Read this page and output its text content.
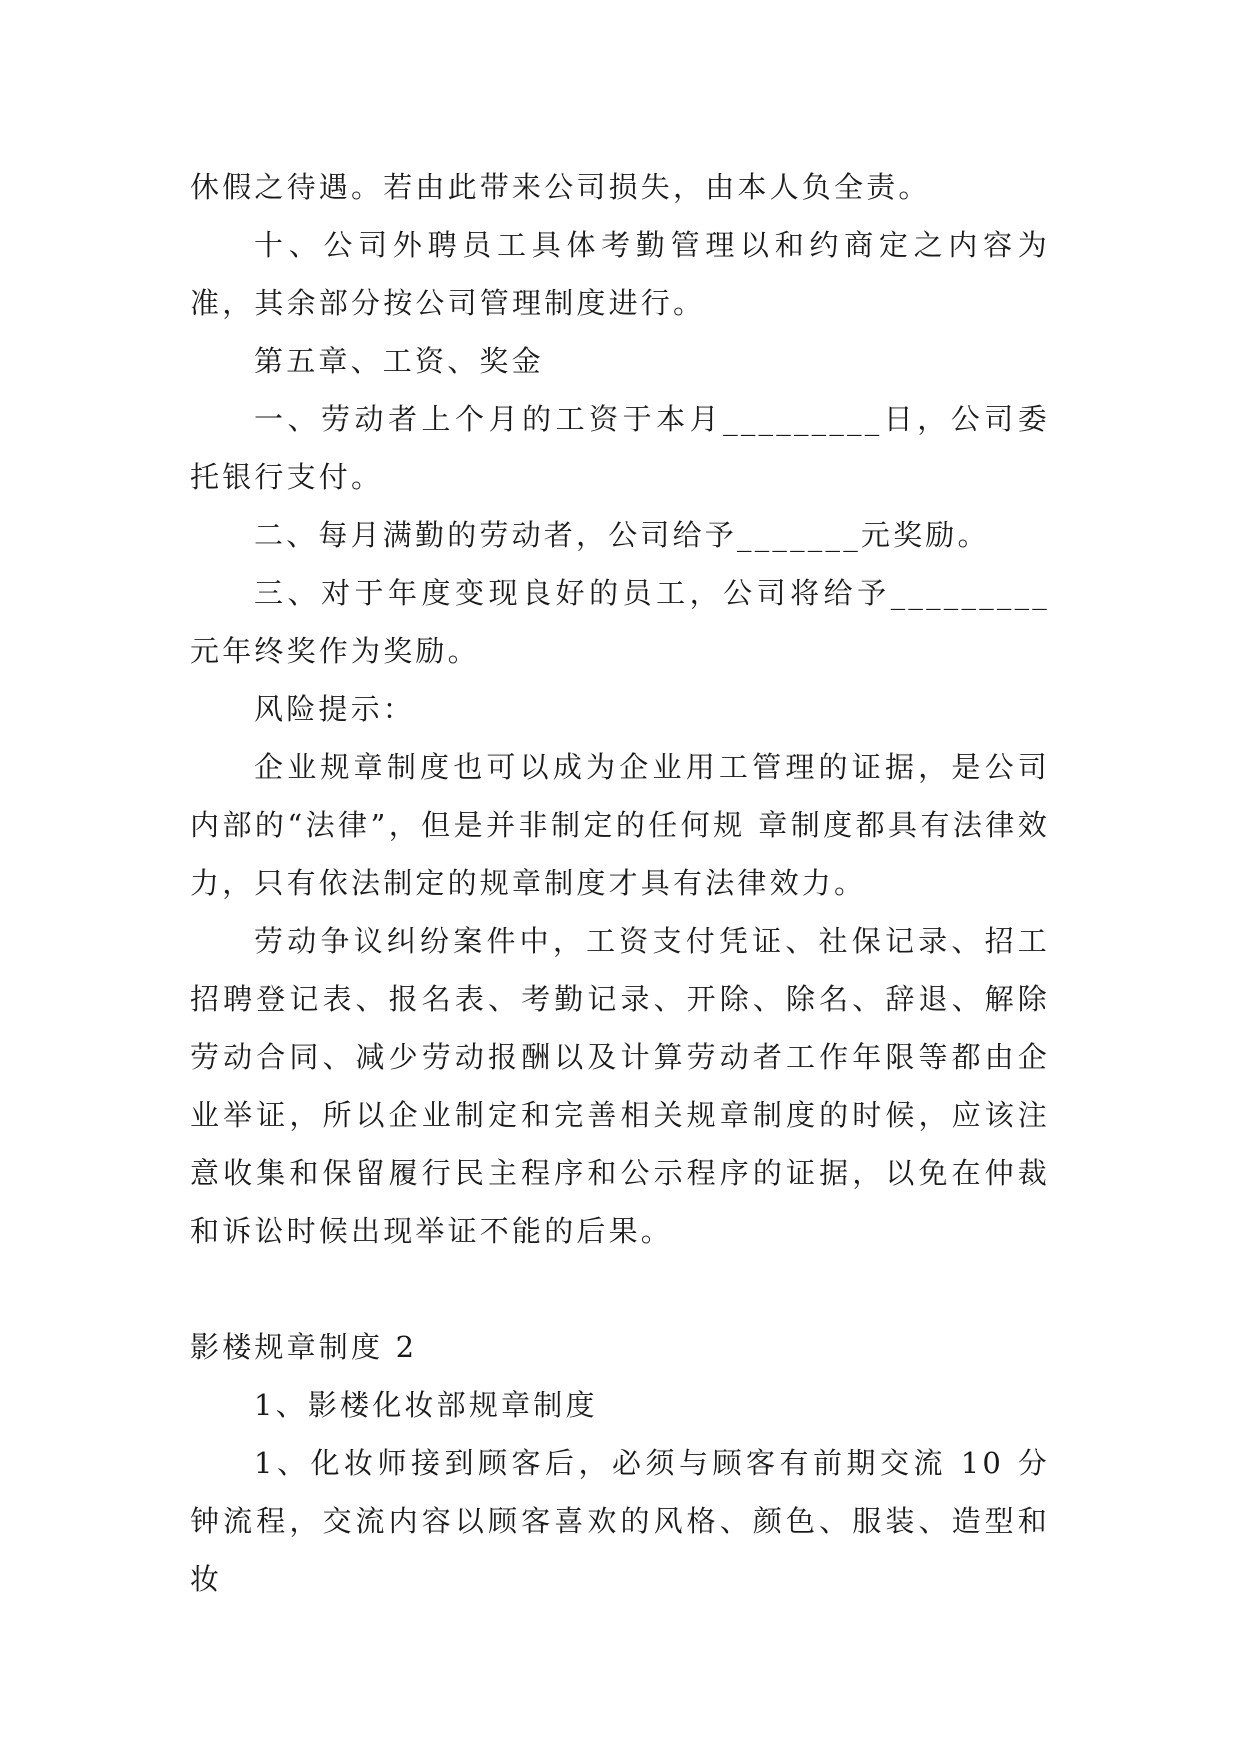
休假之待遇。若由此带来公司损失，由本人负全责。

十、公司外聘员工具体考勤管理以和约商定之内容为准，其余部分按公司管理制度进行。

第五章、工资、奖金

一、劳动者上个月的工资于本月_________日，公司委托银行支付。

二、每月满勤的劳动者，公司给予_______元奖励。

三、对于年度变现良好的员工，公司将给予_________元年终奖作为奖励。

风险提示：

企业规章制度也可以成为企业用工管理的证据，是公司内部的“法律”，但是并非制定的任何规 章制度都具有法律效力，只有依法制定的规章制度才具有法律效力。

劳动争议纠纷案件中，工资支付凭证、社保记录、招工招聘登记表、报名表、考勤记录、开除、除名、辞退、解除劳动合同、减少劳动报酬以及计算劳动者工作年限等都由企业举证，所以企业制定和完善相关规章制度的时候，应该注意收集和保留履行民主程序和公示程序的证据，以免在仲裁和诉讼时候出现举证不能的后果。

影楼规章制度 2

1、影楼化妆部规章制度

1、化妆师接到顾客后，必须与顾客有前期交流 10 分钟流程，交流内容以顾客喜欢的风格、颜色、服装、造型和妆
